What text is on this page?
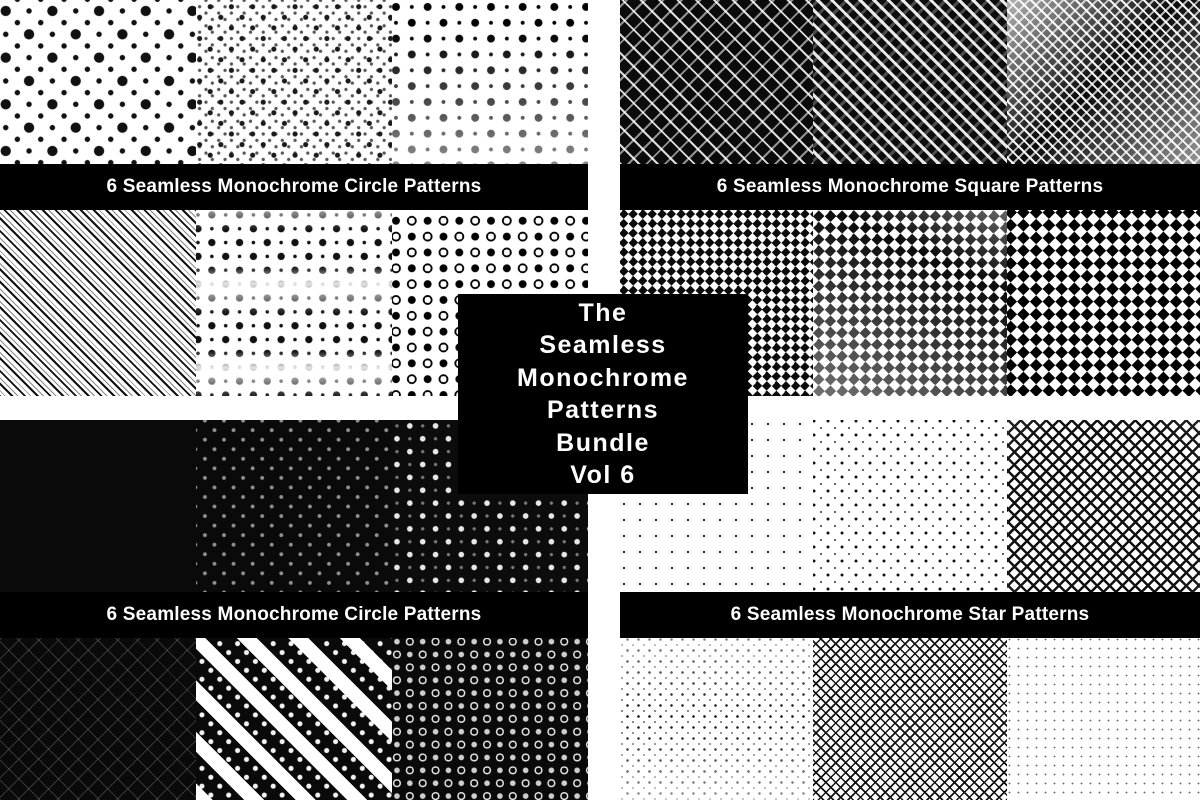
6 Seamless Monochrome Circle Patterns	6 Seamless Monochrome Square Patterns
6 Seamless Monochrome Circle Patterns	6 Seamless Monochrome Star Patterns
The
Seamless
Monochrome
Patterns
Bundle
Vol 6
